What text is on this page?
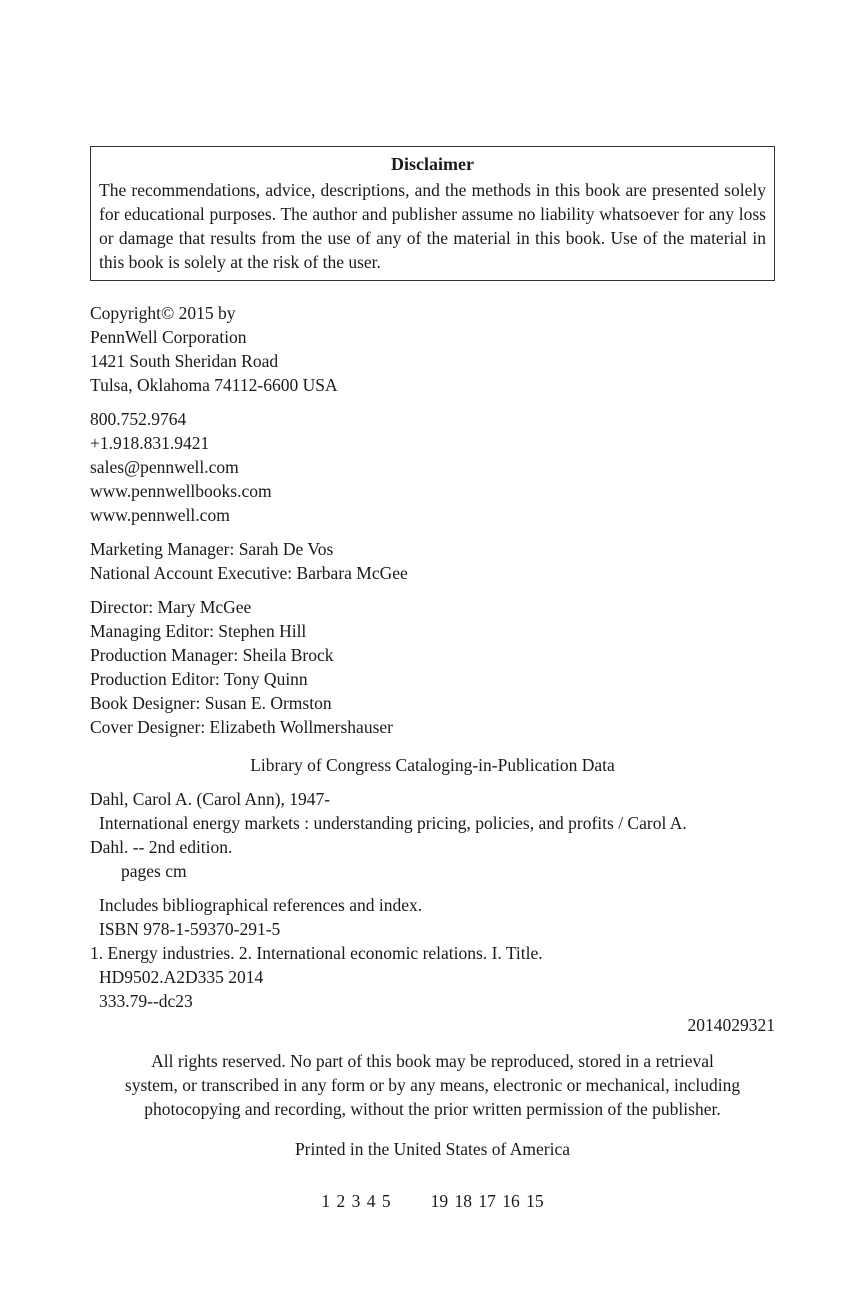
Disclaimer
The recommendations, advice, descriptions, and the methods in this book are presented solely for educational purposes. The author and publisher assume no liability whatsoever for any loss or damage that results from the use of any of the material in this book. Use of the material in this book is solely at the risk of the user.
Copyright© 2015 by
PennWell Corporation
1421 South Sheridan Road
Tulsa, Oklahoma 74112-6600 USA
800.752.9764
+1.918.831.9421
sales@pennwell.com
www.pennwellbooks.com
www.pennwell.com
Marketing Manager: Sarah De Vos
National Account Executive: Barbara McGee
Director: Mary McGee
Managing Editor: Stephen Hill
Production Manager: Sheila Brock
Production Editor: Tony Quinn
Book Designer: Susan E. Ormston
Cover Designer: Elizabeth Wollmershauser
Library of Congress Cataloging-in-Publication Data
Dahl, Carol A. (Carol Ann), 1947-
International energy markets : understanding pricing, policies, and profits / Carol A.
Dahl. -- 2nd edition.
pages cm
Includes bibliographical references and index.
ISBN 978-1-59370-291-5
1. Energy industries. 2. International economic relations. I. Title.
HD9502.A2D335 2014
333.79--dc23
2014029321
All rights reserved. No part of this book may be reproduced, stored in a retrieval
system, or transcribed in any form or by any means, electronic or mechanical, including
photocopying and recording, without the prior written permission of the publisher.
Printed in the United States of America
1 2 3 4 5 19 18 17 16 15
